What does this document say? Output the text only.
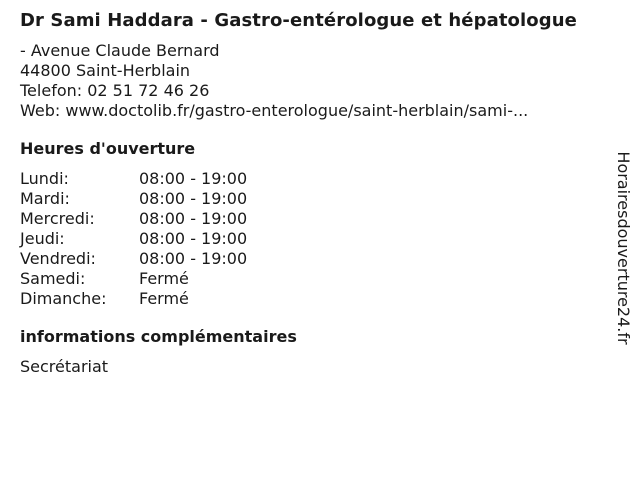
Dr Sami Haddara - Gastro-entérologue et hépatologue
- Avenue Claude Bernard
44800 Saint-Herblain
Telefon: 02 51 72 46 26
Web: www.doctolib.fr/gastro-enterologue/saint-herblain/sami-...
Heures d'ouverture
Lundi:	08:00 - 19:00
Mardi:	08:00 - 19:00
Mercredi:	08:00 - 19:00
Jeudi:	08:00 - 19:00
Vendredi:	08:00 - 19:00
Samedi:	Fermé
Dimanche:	Fermé
informations complémentaires
Secrétariat
Horairesdouverture24.fr
